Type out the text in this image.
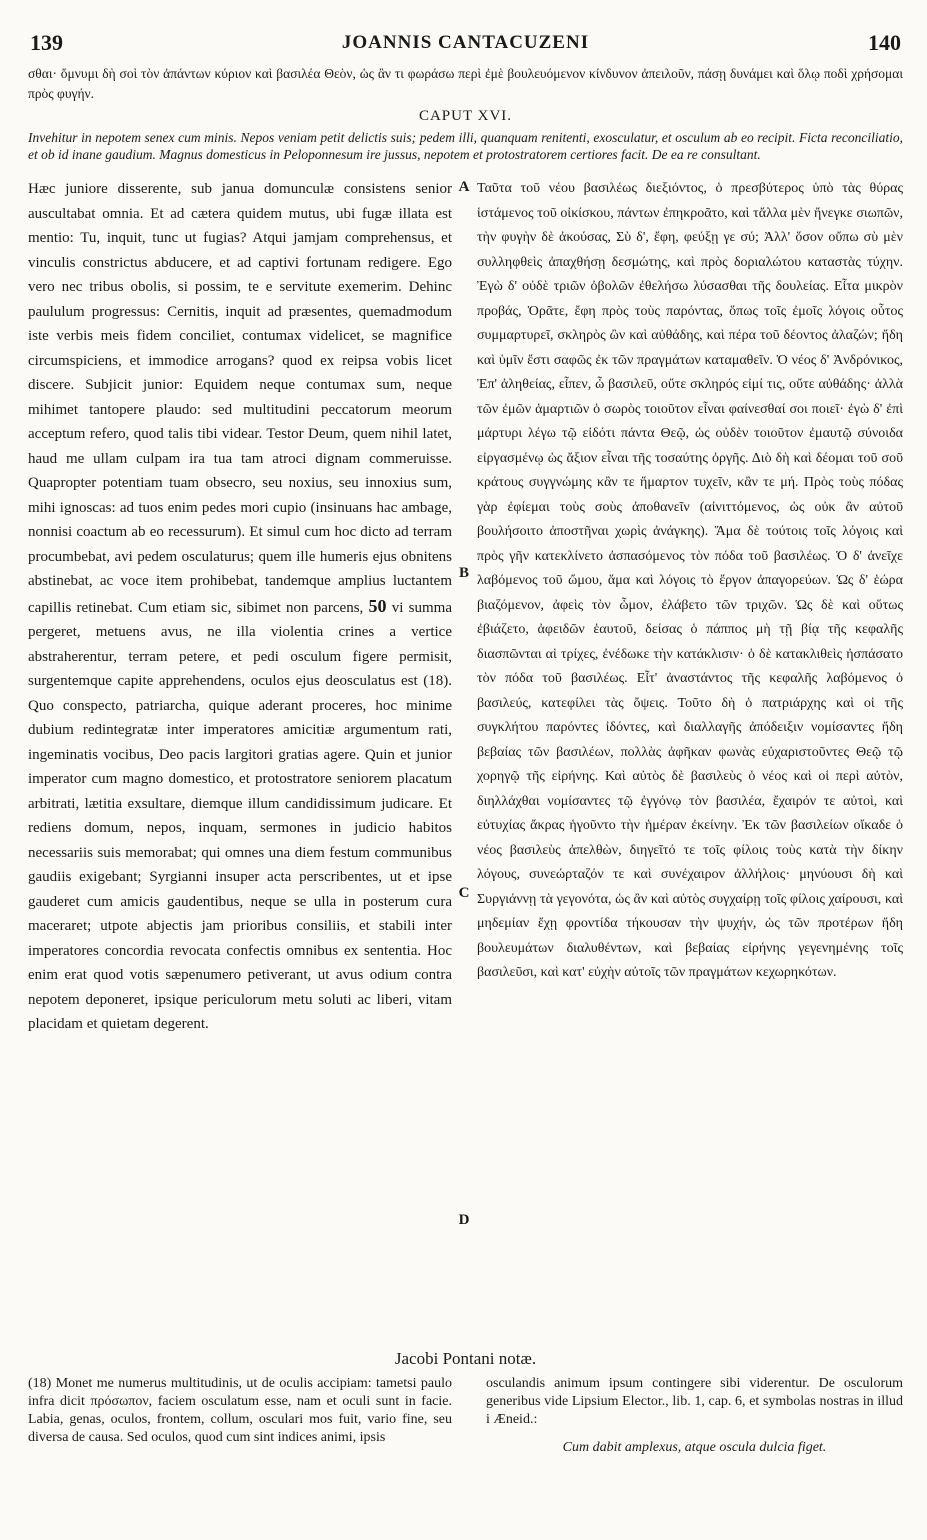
139	JOANNIS CANTACUZENI	140
σθαι· ὄμνυμι δὴ σοὶ τὸν ἀπάντων κύριον καὶ βασιλέα Θεὸν, ὡς ἂν τι φωράσω περὶ ἐμὲ βουλευόμενον κίνδυνον ἀπειλοῦν, πάσῃ δυνάμει καὶ ὅλῳ ποδὶ χρήσομαι πρὸς φυγήν.
CAPUT XVI.
Invehitur in nepotem senex cum minis. Nepos veniam petit delictis suis; pedem illi, quanquam renitenti, exosculatur, et osculum ab eo recipit. Ficta reconciliatio, et ob id inane gaudium. Magnus domesticus in Peloponnesum ire jussus, nepotem et protostratorem certiores facit. De ea re consultant.

Hæc juniore disserente, sub janua domunculæ consistens senior auscultabat omnia. Et ad cætera quidem mutus, ubi fugæ illata est mentio: Tu, inquit, tunc ut fugias? Atqui jamjam comprehensus, et vinculis constrictus abducere, et ad captivi fortunam redigere. Ego vero nec tribus obolis, si possim, te e servitute exemerim. Dehinc paululum progressus: Cernitis, inquit ad præsentes, quemadmodum iste verbis meis fidem conciliet, contumax videlicet, se magnifice circumspiciens, et immodice arrogans? quod ex reipsa vobis licet discere. Subjicit junior: Equidem neque contumax sum, neque mihimet tantopere plaudo: sed multitudini peccatorum meorum acceptum refero, quod talis tibi videar. Testor Deum, quem nihil latet, haud me ullam culpam ira tua tam atroci dignam commeruisse. Quapropter potentiam tuam obsecro, seu noxius, seu innoxius sum, mihi ignoscas: ad tuos enim pedes mori cupio (insinuans hac ambage, nonnisi coactum ab eo recessurum). Et simul cum hoc dicto ad terram procumbebat, avi pedem osculaturus; quem ille humeris ejus obnitens abstinebat, ac voce item prohibebat, tandemque amplius luctantem capillis retinebat. Cum etiam sic, sibimet non parcens, 50 vi summa pergeret, metuens avus, ne illa violentia crines a vertice abstraherentur, terram petere, et pedi osculum figere permisit, surgentemque capite apprehendens, oculos ejus deosculatus est (18). Quo conspecto, patriarcha, quique aderant proceres, hoc minime dubium redintegratæ inter imperatores amicitiæ argumentum rati, ingeminatis vocibus, Deo pacis largitori gratias agere. Quin et junior imperator cum magno domestico, et protostratore seniorem placatum arbitrati, lætitia exsultare, diemque illum candidissimum judicare. Et rediens domum, nepos, inquam, sermones in judicio habitos necessariis suis memorabat; qui omnes una diem festum communibus gaudiis exigebant; Syrgianni insuper acta perscribentes, ut et ipse gauderet cum amicis gaudentibus, neque se ulla in posterum cura maceraret; utpote abjectis jam prioribus consiliis, et stabili inter imperatores concordia revocata confectis omnibus ex sententia. Hoc enim erat quod votis sæpenumero petiverant, ut avus odium contra nepotem deponeret, ipsique periculorum metu soluti ac liberi, vitam placidam et quietam degerent.

A
B
C
D

Ταῦτα τοῦ νέου βασιλέως διεξιόντος, ὁ πρεσβύτερος ὑπὸ τὰς θύρας ἱστάμενος τοῦ οἰκίσκου, πάντων ἐπηκροᾶτο, καὶ τἄλλα μὲν ἤνεγκε σιωπῶν, τὴν φυγὴν δὲ ἀκούσας, Σὺ δ', ἔφη, φεύξῃ γε σύ; Ἀλλ' ὅσον οὔπω σὺ μὲν συλληφθεὶς ἀπαχθήσῃ δεσμώτης, καὶ πρὸς δορ‍ιαλώτου καταστὰς τύχην. Ἐγὼ δ' οὐδὲ τριῶν ὀβολῶν ἐθελήσω λύσασθαι τῆς δουλείας. Εἶτα μικρὸν προβάς, Ὁρᾶτε, ἔφη πρὸς τοὺς παρόντας, ὅπως τοῖς ἐμοῖς λόγοις οὗτος συμμαρτυρεῖ, σκληρὸς ὢν καὶ αὐθάδης, καὶ πέρα τοῦ δέοντος ἀλαζών; ἤδη καὶ ὑμῖν ἔστι σαφῶς ἐκ τῶν πραγμάτων καταμαθεῖν. Ὁ νέος δ' Ἀνδρόνικος, Ἐπ' ἀληθείας, εἶπεν, ὦ βασιλεῦ, οὔτε σκληρός εἰμί τις, οὔτε αὐθάδης· ἀλλὰ τῶν ἐμῶν ἁμαρτιῶν ὁ σωρὸς τοιοῦτον εἶναι φαίνεσθαί σοι ποιεῖ· ἐγὼ δ' ἐπὶ μάρτυρι λέγω τῷ εἰδότι πάντα Θεῷ, ὡς οὐδὲν τοιοῦτον ἐμαυτῷ σύνοιδα εἰργασμένῳ ὡς ἄξιον εἶναι τῆς τοσαύτης ὀργῆς. Διὸ δὴ καὶ δέομαι τοῦ σοῦ κράτους συγγνώμης κἂν τε ἥμαρτον τυχεῖν, κἂν τε μή. Πρὸς τοὺς πόδας γὰρ ἐφίεμαι τοὺς σοὺς ἀποθανεῖν (αἰνιττόμενος, ὡς οὐκ ἂν αὐτοῦ βουλήσοιτο ἀποστῆναι χωρὶς ἀνάγκης). Ἅμα δὲ τούτοις τοῖς λόγοις καὶ πρὸς γῆν κατεκλίνετο ἀσπασόμενος τὸν πόδα τοῦ βασιλέως. Ὁ δ' ἀνεῖχε λαβόμενος τοῦ ὤμου, ἅμα καὶ λόγοις τὸ ἔργον ἀπαγορεύων. Ὡς δ' ἑώρα βιαζόμενον, ἀφεὶς τὸν ὦμον, ἐλάβετο τῶν τριχῶν. Ὡς δὲ καὶ οὕτως ἐβιάζετο, ἀφειδῶν ἑαυτοῦ, δείσας ὁ πάππος μὴ τῇ βίᾳ τῆς κεφαλῆς διασπῶνται αἱ τρίχες, ἐνέδωκε τὴν κατάκλισιν· ὁ δὲ κατακλιθεὶς ἠσπάσατο τὸν πόδα τοῦ βασιλέως. Εἶτ' ἀναστάντος τῆς κεφαλῆς λαβόμενος ὁ βασιλεύς, κατεφίλει τὰς ὄψεις. Τοῦτο δὴ ὁ πατριάρχης καὶ οἱ τῆς συγκλήτου παρόντες ἰδόντες, καὶ διαλλαγῆς ἀπόδειξιν νομίσαντες ἤδη βεβαίας τῶν βασιλέων, πολλὰς ἀφῆκαν φωνὰς εὐχαριστοῦντες Θεῷ τῷ χορηγῷ τῆς εἰρήνης. Καὶ αὐτὸς δὲ βασιλεὺς ὁ νέος καὶ οἱ περὶ αὐτὸν, διηλλάχθαι νομίσαντες τῷ ἐγγόνῳ τὸν βασιλέα, ἔχαιρόν τε αὐτοὶ, καὶ εὐτυχίας ἄκρας ἡγοῦντο τὴν ἡμέραν ἐκείνην. Ἐκ τῶν βασιλείων οἴκαδε ὁ νέος βασιλεὺς ἀπελθὼν, διηγεῖτό τε τοῖς φίλοις τοὺς κατὰ τὴν δίκην λόγους, συνεώρταζόν τε καὶ συνέχαιρον ἀλλήλοις· μηνύουσι δὴ καὶ Συργιάννῃ τὰ γεγονότα, ὡς ἂν καὶ αὐτὸς συγχαίρῃ τοῖς φίλοις χαίρουσι, καὶ μηδεμίαν ἔχῃ φροντίδα τήκουσαν τὴν ψυχήν, ὡς τῶν προτέρων ἤδη βουλευμάτων διαλυθέντων, καὶ βεβαίας εἰρήνης γεγενημένης τοῖς βασιλεῦσι, καὶ κατ' εὐχὴν αὐτοῖς τῶν πραγμάτων κεχωρηκότων.

Jacobi Pontani notæ.

(18) Monet me numerus multitudinis, ut de oculis accipiam: tametsi paulo infra dicit πρόσωπον, faciem osculatum esse, nam et oculi sunt in facie. Labia, genas, oculos, frontem, collum, osculari mos fuit, vario fine, seu diversa de causa. Sed oculos, quod cum sint indices animi, ipsis

osculandis animum ipsum contingere sibi viderentur. De osculorum generibus vide Lipsium Elector., lib. 1, cap. 6, et symbolas nostras in illud i Æneid.:

Cum dabit amplexus, atque oscula dulcia figet.
